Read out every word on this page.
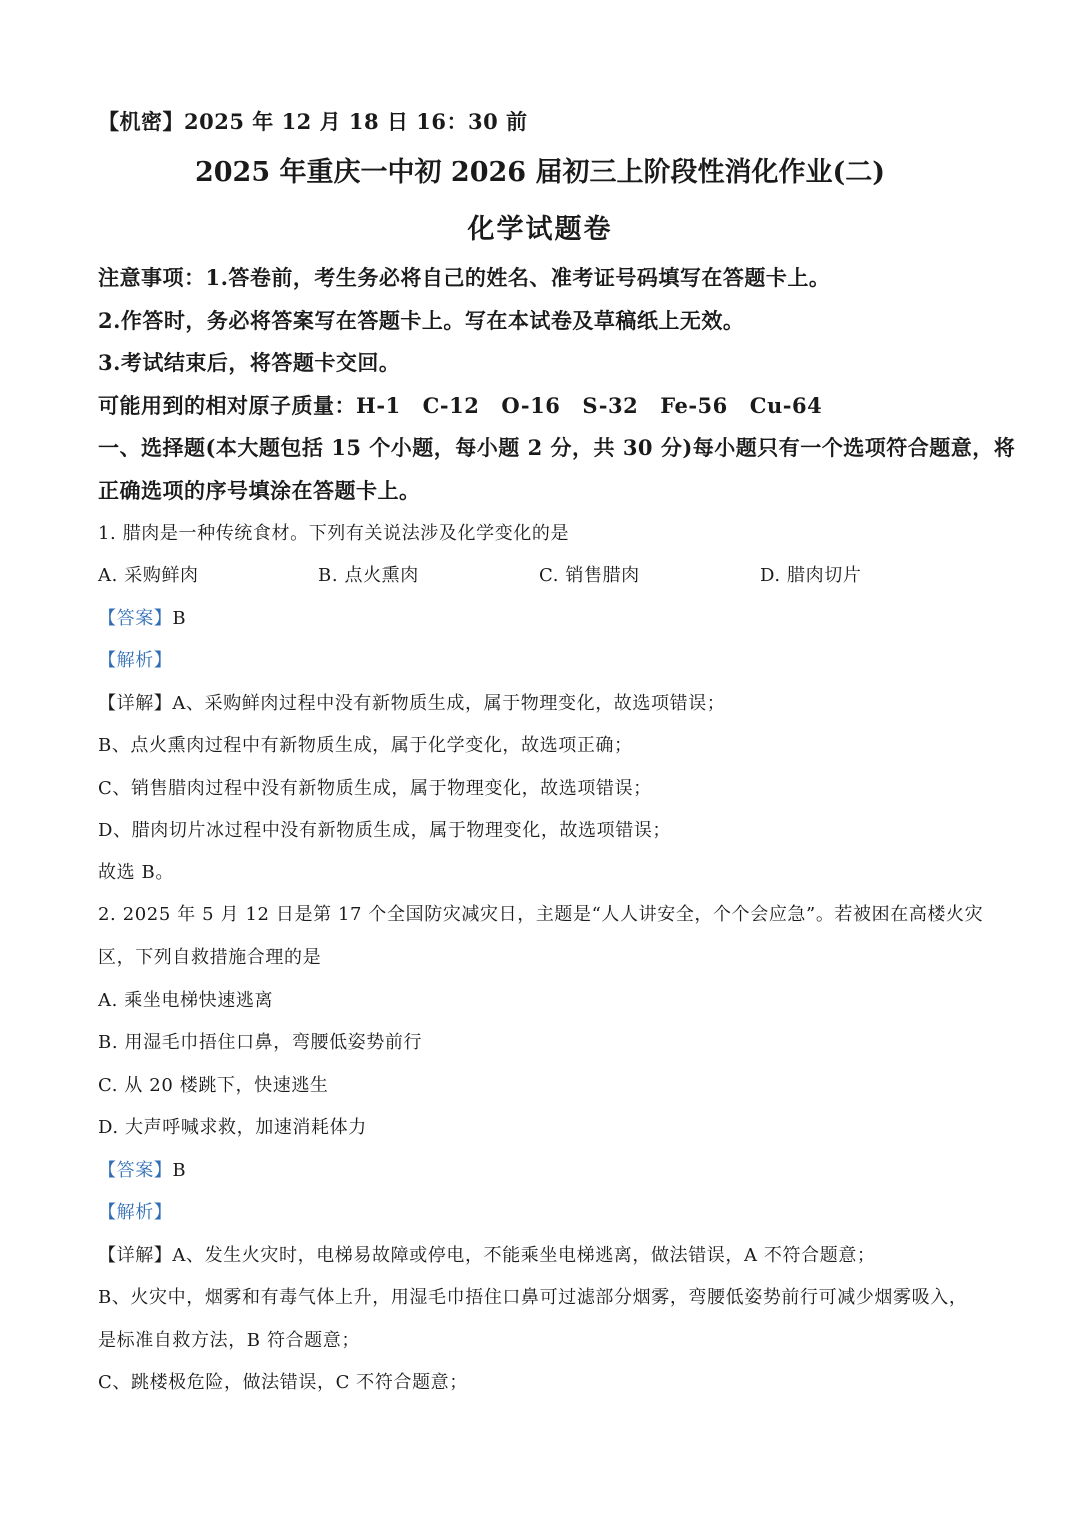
【机密】2025 年 12 月 18 日 16：30 前
2025 年重庆一中初 2026 届初三上阶段性消化作业(二)
化学试题卷
注意事项：1.答卷前，考生务必将自己的姓名、准考证号码填写在答题卡上。
2.作答时，务必将答案写在答题卡上。写在本试卷及草稿纸上无效。
3.考试结束后，将答题卡交回。
可能用到的相对原子质量：H-1 C-12 O-16 S-32 Fe-56 Cu-64
一、选择题(本大题包括 15 个小题，每小题 2 分，共 30 分)每小题只有一个选项符合题意，将
正确选项的序号填涂在答题卡上。
1. 腊肉是一种传统食材。下列有关说法涉及化学变化的是
A. 采购鲜肉	B. 点火熏肉	C. 销售腊肉	D. 腊肉切片
【答案】B
【解析】
【详解】A、采购鲜肉过程中没有新物质生成，属于物理变化，故选项错误；
B、点火熏肉过程中有新物质生成，属于化学变化，故选项正确；
C、销售腊肉过程中没有新物质生成，属于物理变化，故选项错误；
D、腊肉切片冰过程中没有新物质生成，属于物理变化，故选项错误；
故选 B。
2. 2025 年 5 月 12 日是第 17 个全国防灾减灾日，主题是“人人讲安全，个个会应急”。若被困在高楼火灾
区，下列自救措施合理的是
A. 乘坐电梯快速逃离
B. 用湿毛巾捂住口鼻，弯腰低姿势前行
C. 从 20 楼跳下，快速逃生
D. 大声呼喊求救，加速消耗体力
【答案】B
【解析】
【详解】A、发生火灾时，电梯易故障或停电，不能乘坐电梯逃离，做法错误，A 不符合题意；
B、火灾中，烟雾和有毒气体上升，用湿毛巾捂住口鼻可过滤部分烟雾，弯腰低姿势前行可减少烟雾吸入，
是标准自救方法，B 符合题意；
C、跳楼极危险，做法错误，C 不符合题意；
